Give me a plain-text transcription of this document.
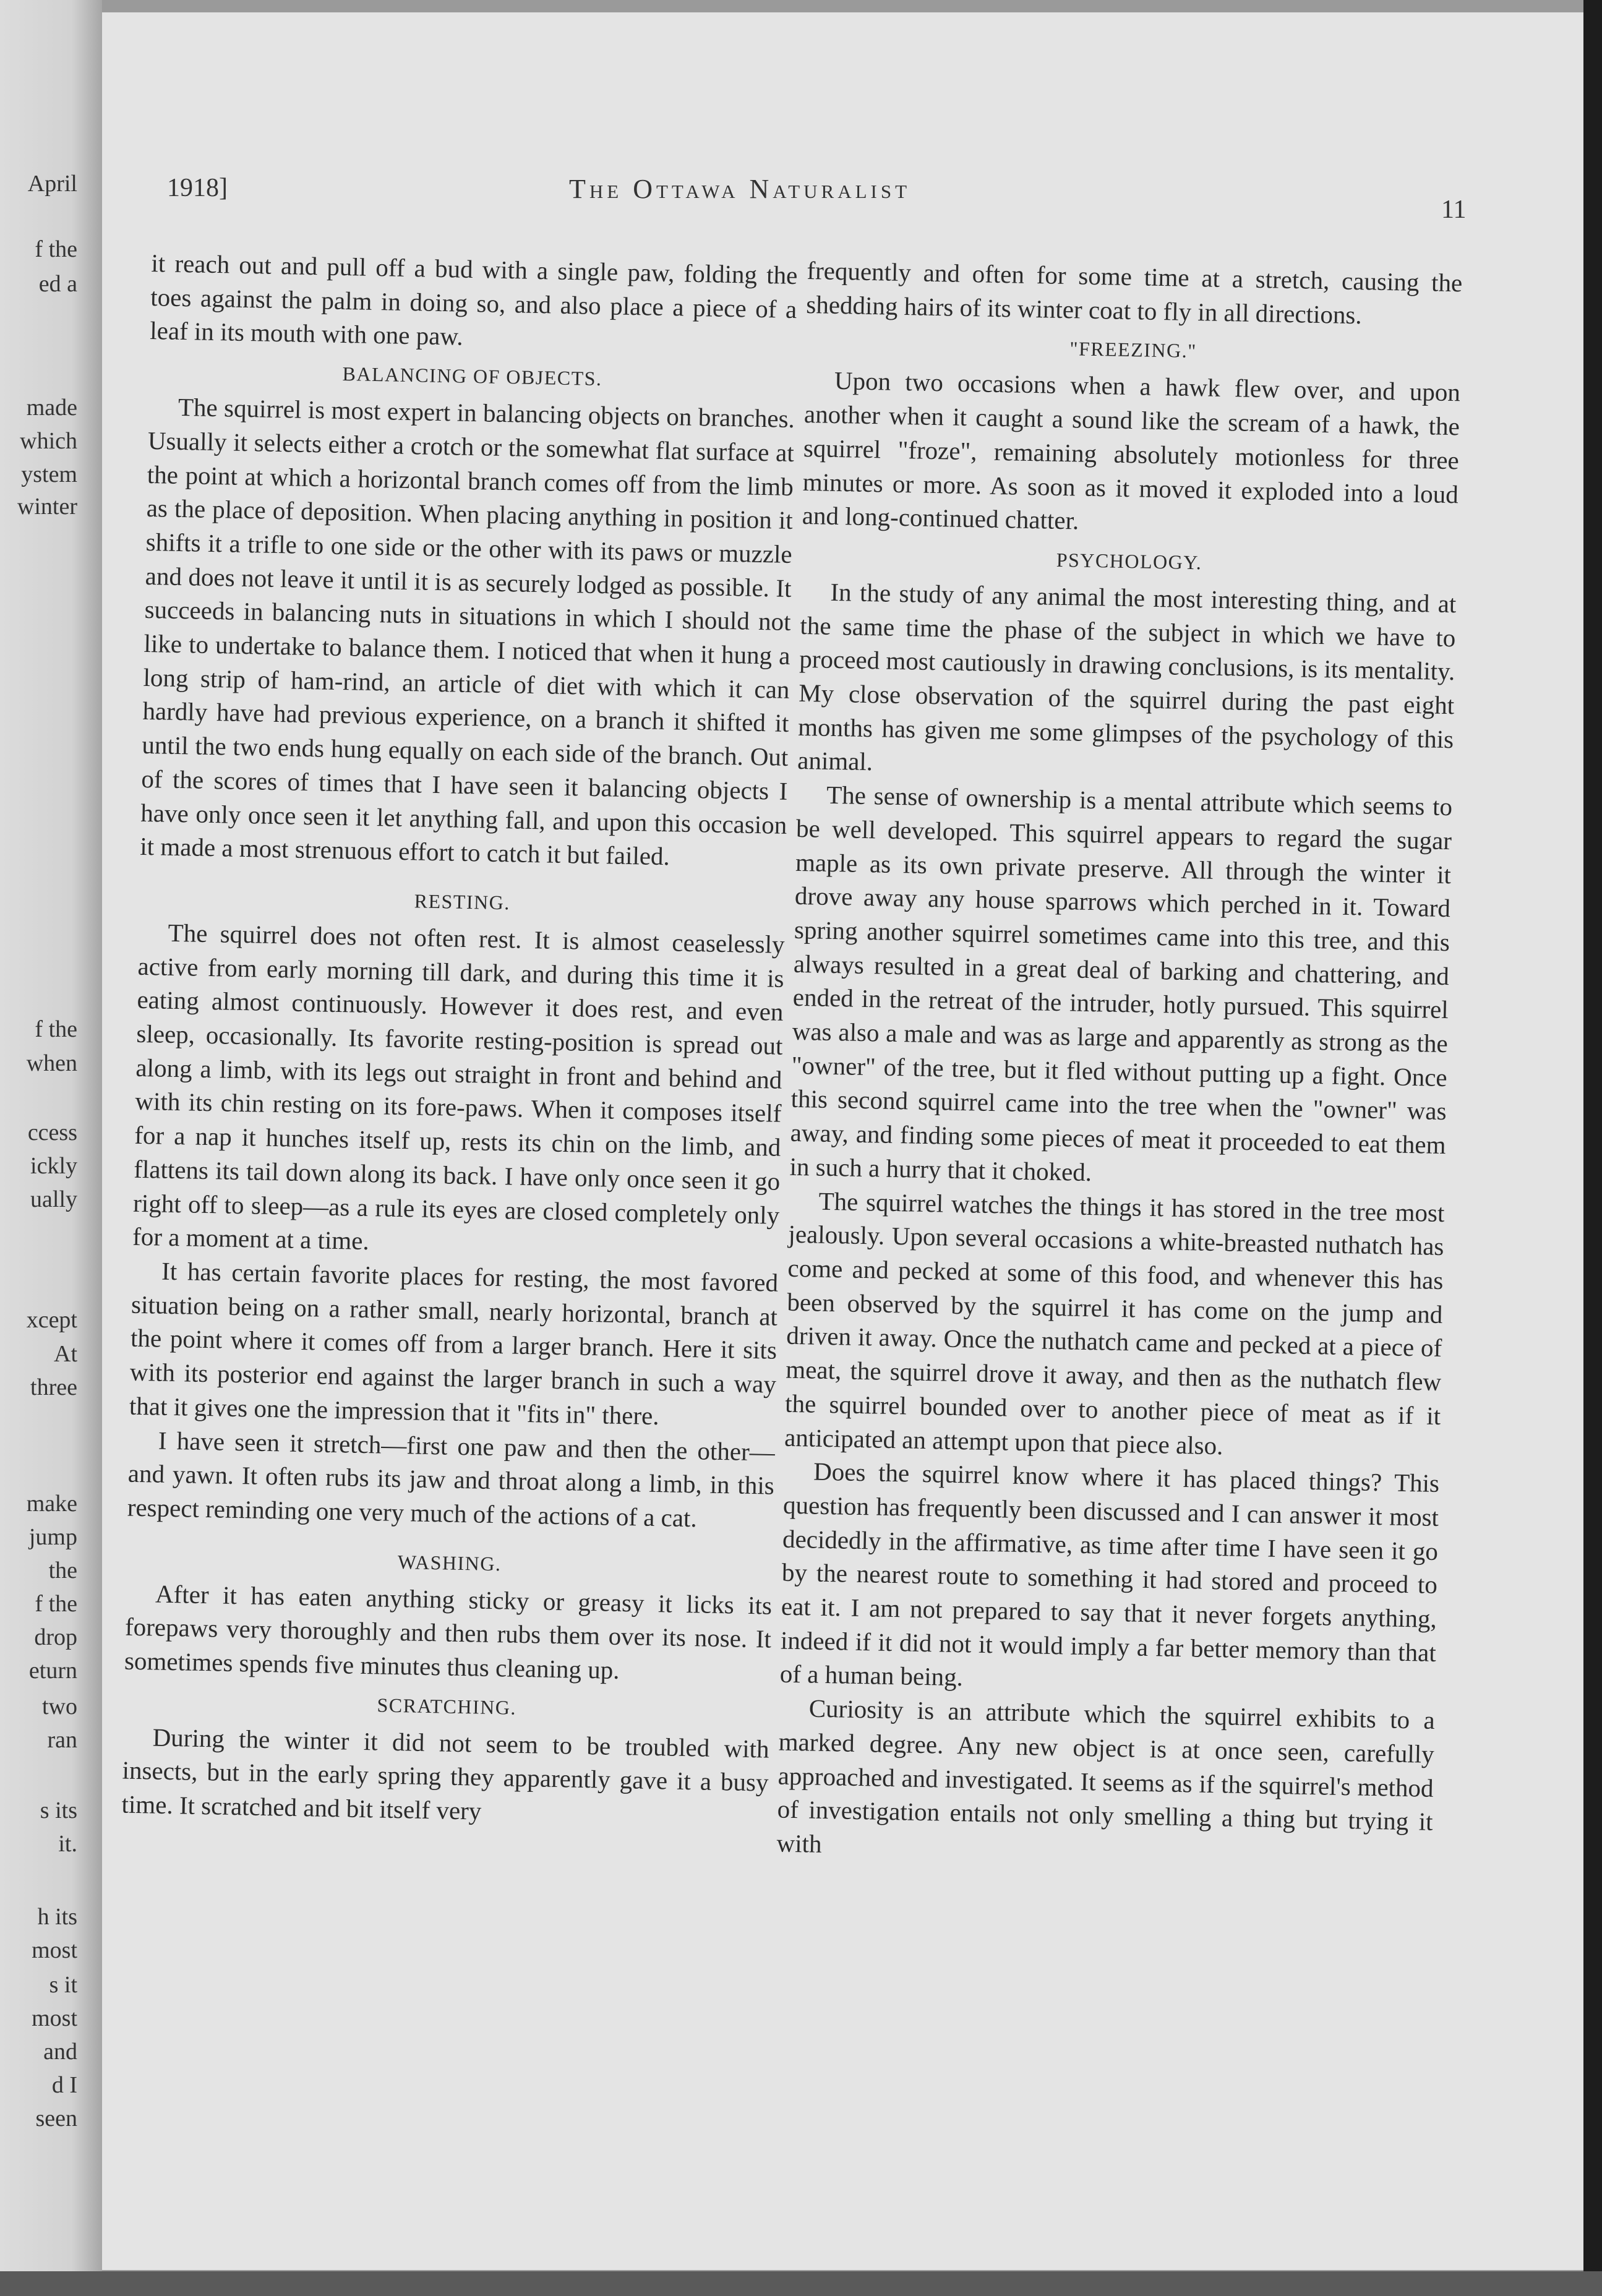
April
f the
ed a
made
which
ystem
winter
f the
when
ccess
ickly
ually
xcept
At
three
make
jump
the
f the
drop
eturn
two
ran
s its
it.
h its
most
s it
most
and
d I
seen
1918]	The Ottawa Naturalist
11

it reach out and pull off a bud with a single paw, folding the toes against the palm in doing so, and also place a piece of a leaf in its mouth with one paw.

BALANCING OF OBJECTS.

The squirrel is most expert in balancing objects on branches. Usually it selects either a crotch or the somewhat flat surface at the point at which a horizontal branch comes off from the limb as the place of deposition. When placing anything in position it shifts it a trifle to one side or the other with its paws or muzzle and does not leave it until it is as securely lodged as possible. It succeeds in balancing nuts in situations in which I should not like to undertake to balance them. I noticed that when it hung a long strip of ham-rind, an article of diet with which it can hardly have had previous experience, on a branch it shifted it until the two ends hung equally on each side of the branch. Out of the scores of times that I have seen it balancing objects I have only once seen it let anything fall, and upon this occasion it made a most strenuous effort to catch it but failed.

RESTING.

The squirrel does not often rest. It is almost ceaselessly active from early morning till dark, and during this time it is eating almost continuously. However it does rest, and even sleep, occasionally. Its favorite resting-position is spread out along a limb, with its legs out straight in front and behind and with its chin resting on its fore-paws. When it composes itself for a nap it hunches itself up, rests its chin on the limb, and flattens its tail down along its back. I have only once seen it go right off to sleep—as a rule its eyes are closed completely only for a moment at a time.

It has certain favorite places for resting, the most favored situation being on a rather small, nearly horizontal, branch at the point where it comes off from a larger branch. Here it sits with its posterior end against the larger branch in such a way that it gives one the impression that it "fits in" there.

I have seen it stretch—first one paw and then the other—and yawn. It often rubs its jaw and throat along a limb, in this respect reminding one very much of the actions of a cat.

WASHING.

After it has eaten anything sticky or greasy it licks its forepaws very thoroughly and then rubs them over its nose. It sometimes spends five minutes thus cleaning up.

SCRATCHING.

During the winter it did not seem to be troubled with insects, but in the early spring they apparently gave it a busy time. It scratched and bit itself very

frequently and often for some time at a stretch, causing the shedding hairs of its winter coat to fly in all directions.

"FREEZING."

Upon two occasions when a hawk flew over, and upon another when it caught a sound like the scream of a hawk, the squirrel "froze", remaining absolutely motionless for three minutes or more. As soon as it moved it exploded into a loud and long-continued chatter.

PSYCHOLOGY.

In the study of any animal the most interesting thing, and at the same time the phase of the subject in which we have to proceed most cautiously in drawing conclusions, is its mentality. My close observation of the squirrel during the past eight months has given me some glimpses of the psychology of this animal.

The sense of ownership is a mental attribute which seems to be well developed. This squirrel appears to regard the sugar maple as its own private preserve. All through the winter it drove away any house sparrows which perched in it. Toward spring another squirrel sometimes came into this tree, and this always resulted in a great deal of barking and chattering, and ended in the retreat of the intruder, hotly pursued. This squirrel was also a male and was as large and apparently as strong as the "owner" of the tree, but it fled without putting up a fight. Once this second squirrel came into the tree when the "owner" was away, and finding some pieces of meat it proceeded to eat them in such a hurry that it choked.

The squirrel watches the things it has stored in the tree most jealously. Upon several occasions a white-breasted nuthatch has come and pecked at some of this food, and whenever this has been observed by the squirrel it has come on the jump and driven it away. Once the nuthatch came and pecked at a piece of meat, the squirrel drove it away, and then as the nuthatch flew the squirrel bounded over to another piece of meat as if it anticipated an attempt upon that piece also.

Does the squirrel know where it has placed things? This question has frequently been discussed and I can answer it most decidedly in the affirmative, as time after time I have seen it go by the nearest route to something it had stored and proceed to eat it. I am not prepared to say that it never forgets anything, indeed if it did not it would imply a far better memory than that of a human being.

Curiosity is an attribute which the squirrel exhibits to a marked degree. Any new object is at once seen, carefully approached and investigated. It seems as if the squirrel's method of investigation entails not only smelling a thing but trying it with
